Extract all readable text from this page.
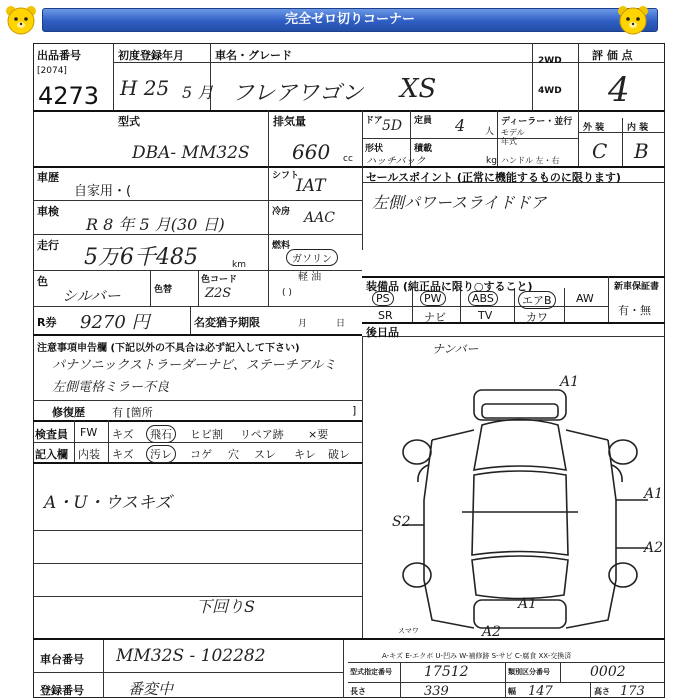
完全ゼロ切りコーナー
出品番号
[2074]
4273
初度登録年月
H 25 5 月
車名・グレード
フレアワゴン XS
2WD
4WD
評 価 点
4
型式
DBA- MM32S
排気量
660 cc
ドア 5D 定員 4 人
形状
ハッチバック
積載
kg
ディーラー・並行
モデル
年式
ハンドル 左・右
外 装	内 装
C B
車歴
自家用・(
車検
R 8 年 5 月(30 日)
走行 5万6千485	km
色
シルバー	色替
色コード
Z2S
R券 9270 円	名変猶予期限	月	日
シフト
IAT
冷房 AAC
燃料
ガソリン
軽 油
( )
セールスポイント (正常に機能するものに限ります)
左側パワースライドドア
装備品 (純正品に限り○すること)
PS	PW	ABS	エアB	AW
SR	ナビ	TV	カワ
新車保証書
有・無
後日品
ナンバー
注意事項申告欄 (下記以外の不具合は必ず記入して下さい)
パナソニックストラーダーナビ、ステーチアルミ
左側電格ミラー不良
修復歴 有 [箇所	]
検査員
記入欄
FW キズ	飛石	ヒビ割 リペア跡 ×要
内装 キズ	汚レ	コゲ 穴 スレ キレ 破レ
A・U・ウスキズ
下回りS
A1
A1
A2
S2
A1
A2
スマワ
車台番号 MM32S - 102282
登録番号	番変中
A-キズ E-エクボ U-凹み W-補修跡 S-サビ C-腐食 XX-交換済
型式指定番号 17512	類別区分番号	0002
長さ	339	幅 147	高さ 173
